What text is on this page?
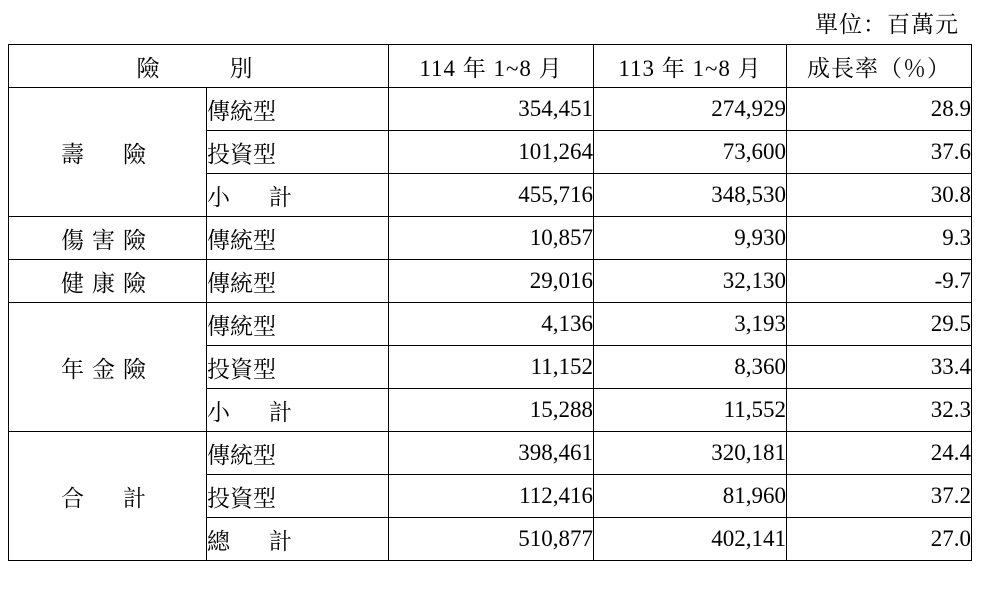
單位：百萬元
險　　別		114 年 1~8 月	113 年 1~8 月	成長率（％）
壽　險	傳統型	354,451	274,929	28.9
	投資型	101,264	73,600	37.6
	小　計	455,716	348,530	30.8
傷害險	傳統型	10,857	9,930	9.3
健康險	傳統型	29,016	32,130	-9.7
年金險	傳統型	4,136	3,193	29.5
	投資型	11,152	8,360	33.4
	小　計	15,288	11,552	32.3
合　計	傳統型	398,461	320,181	24.4
	投資型	112,416	81,960	37.2
	總　計	510,877	402,141	27.0
